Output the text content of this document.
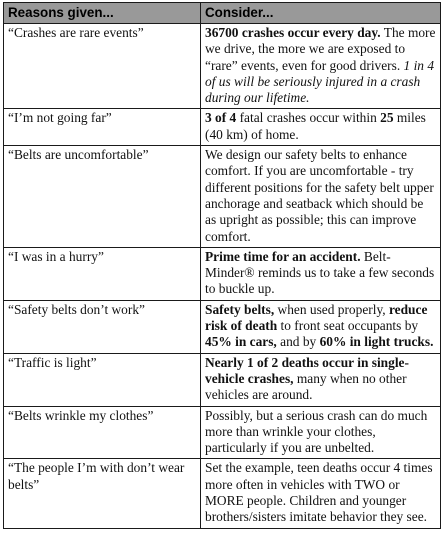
Reasons given...	Consider...
“Crashes are rare events”	36700 crashes occur every day. The more we drive, the more we are exposed to “rare” events, even for good drivers. 1 in 4 of us will be seriously injured in a crash during our lifetime.
“I’m not going far”	3 of 4 fatal crashes occur within 25 miles (40 km) of home.
“Belts are uncomfortable”	We design our safety belts to enhance comfort. If you are uncomfortable - try different positions for the safety belt upper anchorage and seatback which should be as upright as possible; this can improve comfort.
“I was in a hurry”	Prime time for an accident. Belt-Minder® reminds us to take a few seconds to buckle up.
“Safety belts don’t work”	Safety belts, when used properly, reduce risk of death to front seat occupants by 45% in cars, and by 60% in light trucks.
“Traffic is light”	Nearly 1 of 2 deaths occur in single-vehicle crashes, many when no other vehicles are around.
“Belts wrinkle my clothes”	Possibly, but a serious crash can do much more than wrinkle your clothes, particularly if you are unbelted.
“The people I’m with don’t wear belts”	Set the example, teen deaths occur 4 times more often in vehicles with TWO or MORE people. Children and younger brothers/sisters imitate behavior they see.
